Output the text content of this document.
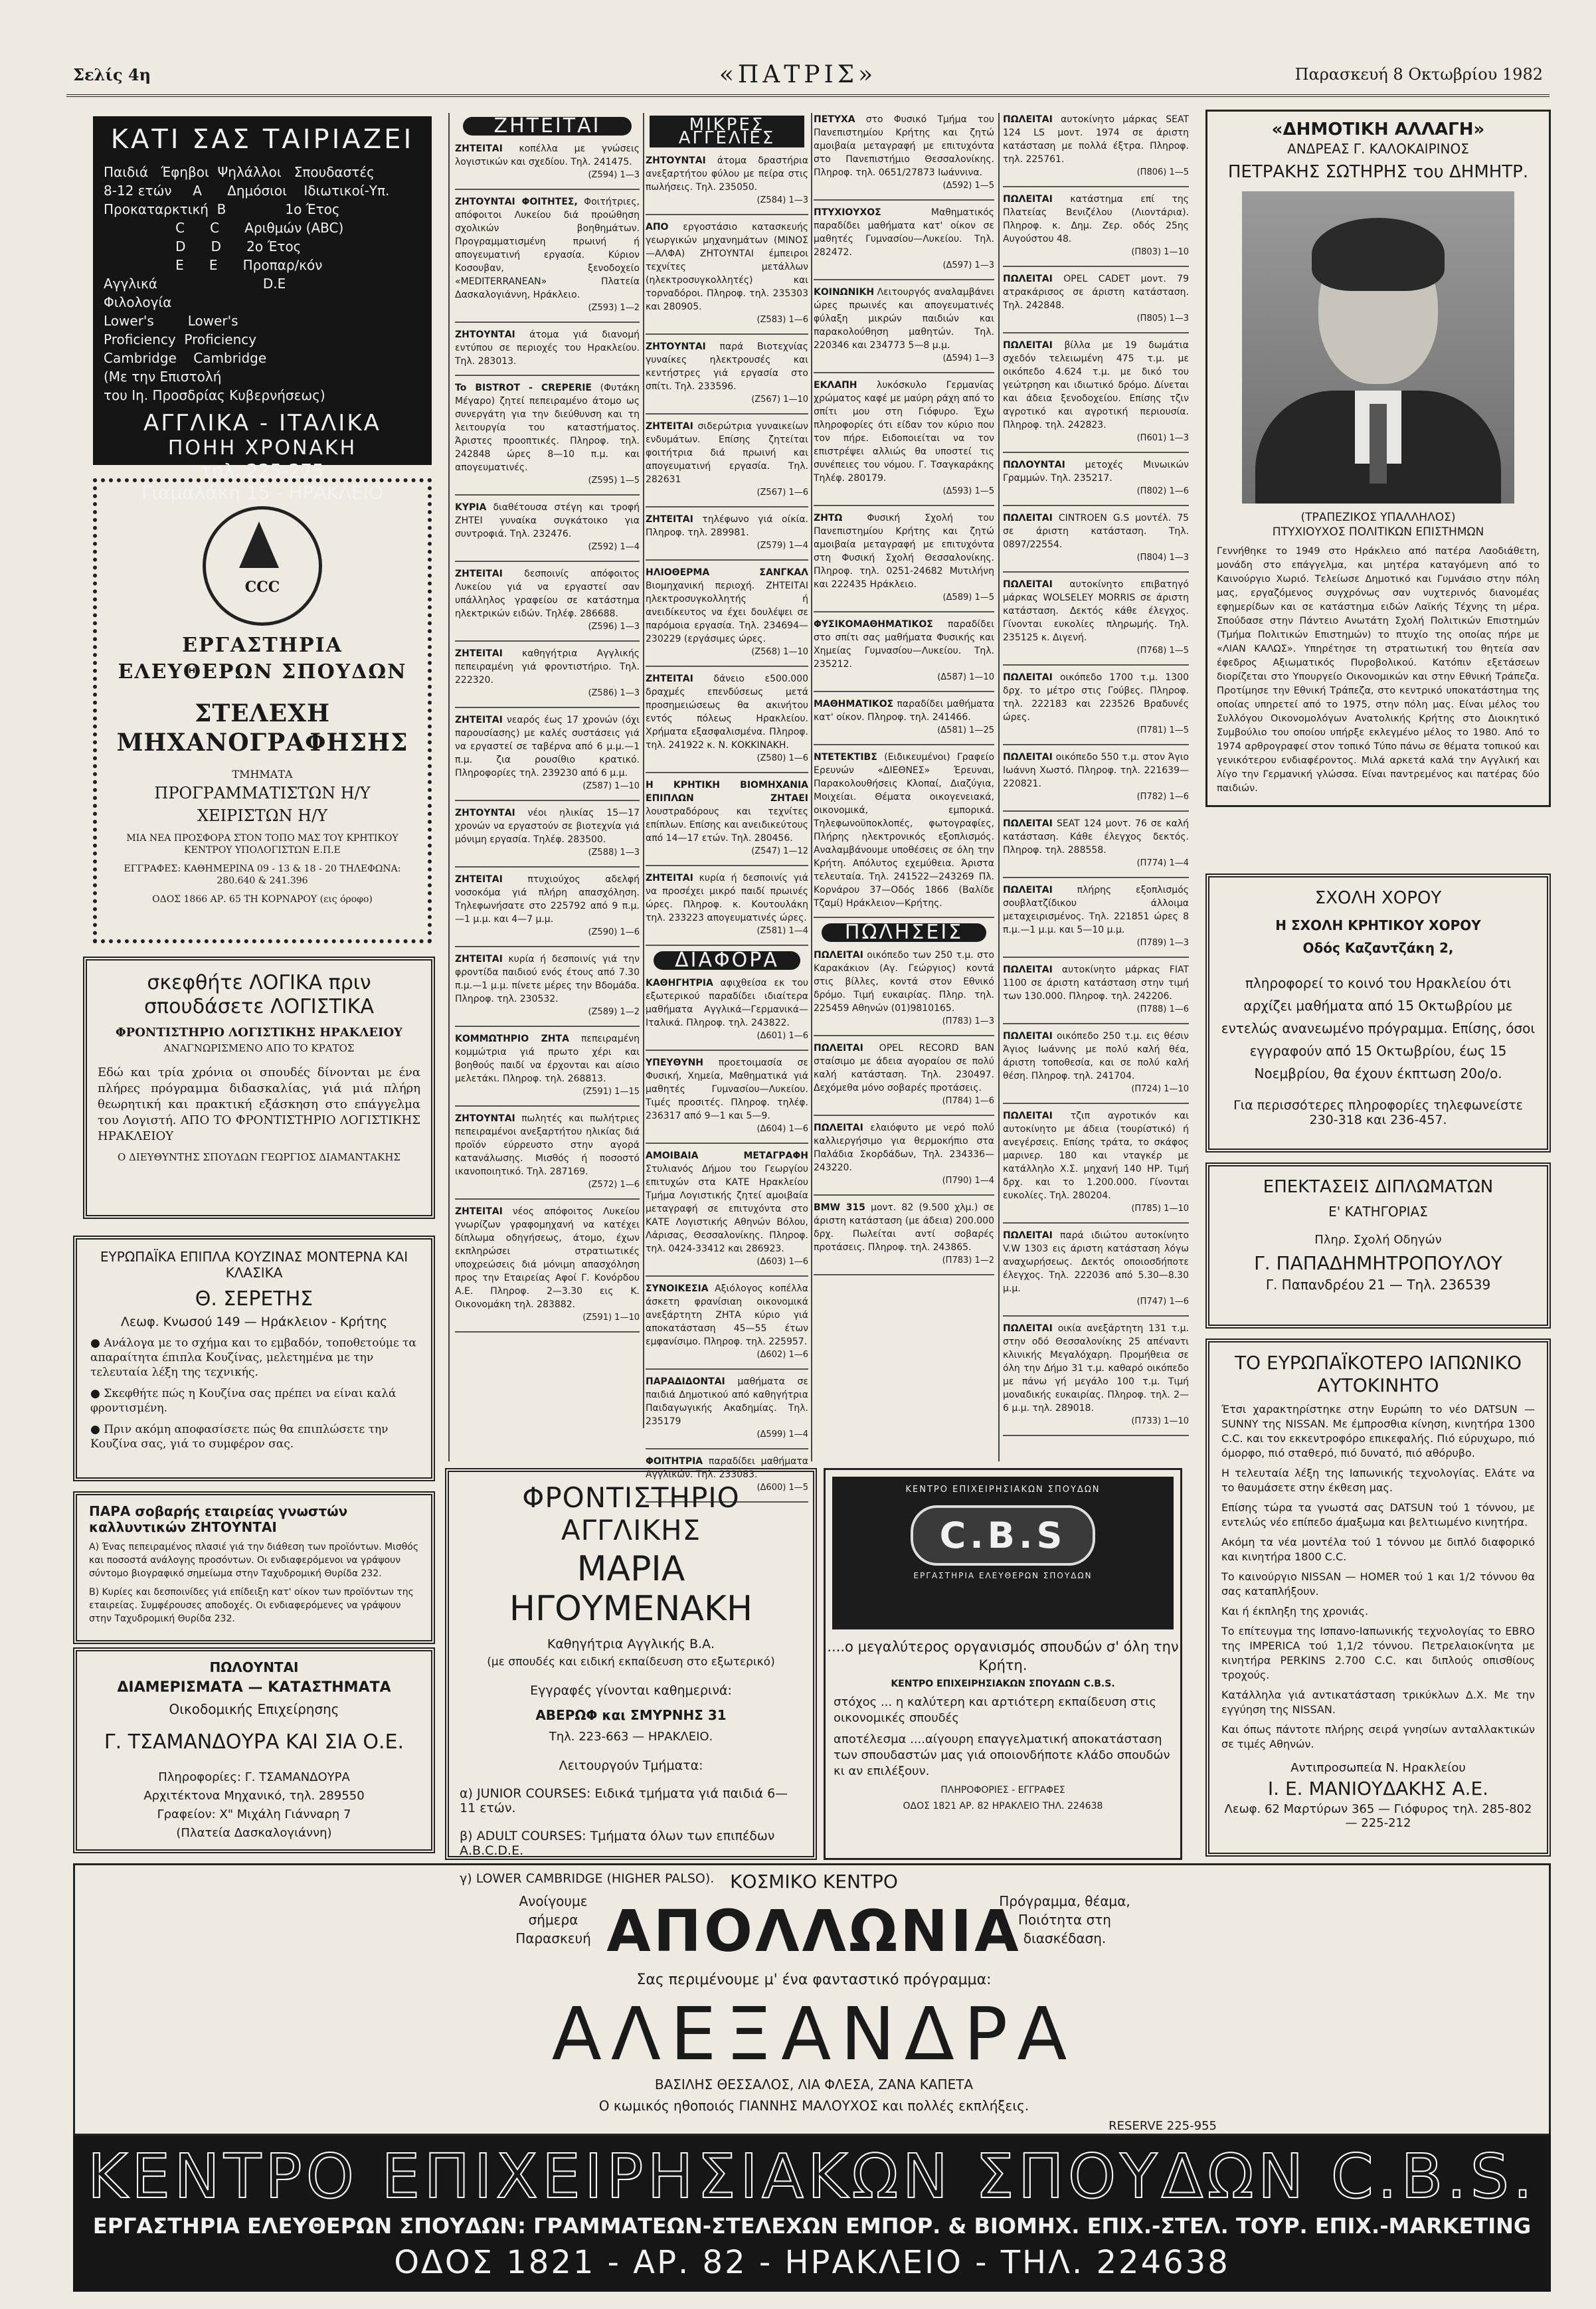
Σελίς 4η	«ΠΑΤΡΙΣ»	Παρασκευή 8 Οκτωβρίου 1982
ΚΑΤΙ ΣΑΣ ΤΑΙΡΙΑΖΕΙ
Παιδιά   Έφηβοι  Ψηλάλλοι   Σπουδαστές
8-12 ετών     Α      Δημόσιοι    Ιδιωτικοί-Υπ.
Προκαταρκτική  Β              1ο Έτος
C      C      Αριθμών (ABC)
D      D      2ο Έτος
E      E      Προπαρ/κόν
Αγγλικά                         D.E
Φιλολογία
Lower's        Lower's
Proficiency  Proficiency
Cambridge    Cambridge
(Με την Επιστολή
του Ιη. Προσδρίας Κυβερνήσεως)
ΑΓΓΛΙΚΑ - ΙΤΑΛΙΚΑ
ΠΟΗΗ ΧΡΟΝΑΚΗ
τηλ. 225-275
Γιαμαλάκη 15 - ΗΡΑΚΛΕΙΟ
CCC
ΕΡΓΑΣΤΗΡΙΑ ΕΛΕΥΘΕΡΩΝ ΣΠΟΥΔΩΝ
ΣΤΕΛΕΧΗ ΜΗΧΑΝΟΓΡΑΦΗΣΗΣ
ΤΜΗΜΑΤΑ
ΠΡΟΓΡΑΜΜΑΤΙΣΤΩΝ Η/Υ
ΧΕΙΡΙΣΤΩΝ Η/Υ
ΜΙΑ ΝΕΑ ΠΡΟΣΦΟΡΑ ΣΤΟΝ ΤΟΠΟ ΜΑΣ ΤΟΥ ΚΡΗΤΙΚΟΥ ΚΕΝΤΡΟΥ ΥΠΟΛΟΓΙΣΤΩΝ Ε.Π.Ε
ΕΓΓΡΑΦΕΣ: ΚΑΘΗΜΕΡΙΝΑ 09 - 13 & 18 - 20 ΤΗΛΕΦΩΝΑ: 280.640 & 241.396
ΟΔΟΣ 1866 ΑΡ. 65 ΤΗ ΚΟΡΝΑΡΟΥ (εις όροφο)
σκεφθήτε ΛΟΓΙΚΑ πριν σπουδάσετε ΛΟΓΙΣΤΙΚΑ
ΦΡΟΝΤΙΣΤΗΡΙΟ ΛΟΓΙΣΤΙΚΗΣ ΗΡΑΚΛΕΙΟΥ
ΑΝΑΓΝΩΡΙΣΜΕΝΟ ΑΠΟ ΤΟ ΚΡΑΤΟΣ
Εδώ και τρία χρόνια οι σπουδές δίνονται με ένα πλήρες πρόγραμμα διδασκαλίας, γιά μιά πλήρη θεωρητική και πρακτική εξάσκηση στο επάγγελμα του Λογιστή. ΑΠΟ ΤΟ ΦΡΟΝΤΙΣΤΗΡΙΟ ΛΟΓΙΣΤΙΚΗΣ ΗΡΑΚΛΕΙΟΥ
Ο ΔΙΕΥΘΥΝΤΗΣ ΣΠΟΥΔΩΝ ΓΕΩΡΓΙΟΣ ΔΙΑΜΑΝΤΑΚΗΣ
ΕΥΡΩΠΑΪΚΑ ΕΠΙΠΛΑ ΚΟΥΖΙΝΑΣ ΜΟΝΤΕΡΝΑ ΚΑΙ ΚΛΑΣΙΚΑ
Θ. ΣΕΡΕΤΗΣ
Λεωφ. Κνωσού 149 — Ηράκλειον - Κρήτης

● Ανάλογα με το σχήμα και το εμβαδόν, τοποθετούμε τα απαραίτητα έπιπλα Κουζίνας, μελετημένα με την τελευταία λέξη της τεχνικής.

● Σκεφθήτε πώς η Κουζίνα σας πρέπει να είναι καλά φροντισμένη.

● Πριν ακόμη αποφασίσετε πώς θα επιπλώσετε την Κουζίνα σας, γιά το συμφέρον σας.

ΠΑΡΑ σοβαρής εταιρείας γνωστών καλλυντικών ΖΗΤΟΥΝΤΑΙ

Α) Ένας πεπειραμένος πλασιέ γιά την διάθεση των προϊόντων. Μισθός και ποσοστά ανάλογης προσόντων. Οι ενδιαφερόμενοι να γράψουν σύντομο βιογραφικό σημείωμα στην Ταχυδρομική Θυρίδα 232.

Β) Κυρίες και δεσποινίδες γιά επίδειξη κατ' οίκον των προϊόντων της εταιρείας. Συμφέρουσες αποδοχές. Οι ενδιαφερόμενες να γράψουν στην Ταχυδρομική Θυρίδα 232.

ΠΩΛΟΥΝΤΑΙ
ΔΙΑΜΕΡΙΣΜΑΤΑ — ΚΑΤΑΣΤΗΜΑΤΑ
Οικοδομικής Επιχείρησης
Γ. ΤΣΑΜΑΝΔΟΥΡΑ ΚΑΙ ΣΙΑ Ο.Ε.
Πληροφορίες: Γ. ΤΣΑΜΑΝΔΟΥΡΑ
Αρχιτέκτονα Μηχανικό, τηλ. 289550
Γραφείον: Χ" Μιχάλη Γιάνναρη 7
(Πλατεία Δασκαλογιάννη)
ΖΗΤΕΙΤΑΙ
ΖΗΤΕΙΤΑΙ κοπέλλα με γνώσεις λογιστικών και σχεδίου. Τηλ. 241475.
(Ζ594) 1—3
ΖΗΤΟΥΝΤΑΙ ΦΟΙΤΗΤΕΣ, Φοιτήτριες, απόφοιτοι Λυκείου διά προώθηση σχολικών βοηθημάτων. Προγραμματισμένη πρωινή ή απογευματινή εργασία. Κύριον Κοσουβαν, ξενοδοχείο «MEDITERRANEAN» Πλατεία Δασκαλογιάννη, Ηράκλειο.
(Ζ593) 1—2
ΖΗΤΟΥΝΤΑΙ άτομα γιά διανομή εντύπου σε περιοχές του Ηρακλείου. Τηλ. 283013.
To BISTROT - CREPERIE (Φυτάκη Μέγαρο) ζητεί πεπειραμένο άτομο ως συνεργάτη για την διεύθυνση και τη λειτουργία του καταστήματος. Άριστες προοπτικές. Πληροφ. τηλ. 242848 ώρες 8—10 π.μ. και απογευματινές.
(Ζ595) 1—5
ΚΥΡΙΑ διαθέτουσα στέγη και τροφή ΖΗΤΕΙ γυναίκα συγκάτοικο για συντροφιά. Τηλ. 232476.
(Ζ592) 1—4
ΖΗΤΕΙΤΑΙ δεσποινίς απόφοιτος Λυκείου γιά να εργαστεί σαν υπάλληλος γραφείου σε κατάστημα ηλεκτρικών ειδών. Τηλέφ. 286688.
(Ζ596) 1—3
ΖΗΤΕΙΤΑΙ καθηγήτρια Αγγλικής πεπειραμένη γιά φροντιστήριο. Τηλ. 222320.
(Ζ586) 1—3
ΖΗΤΕΙΤΑΙ νεαρός έως 17 χρονών (όχι παρουσίασης) με καλές συστάσεις γιά να εργαστεί σε ταβέρνα από 6 μ.μ.—1 π.μ. ζια ρουσίθιο κρατικό. Πληροφορίες τηλ. 239230 από 6 μ.μ.
(Ζ587) 1—10
ΖΗΤΟΥΝΤΑΙ νέοι ηλικίας 15—17 χρονών να εργαστούν σε βιοτεχνία γιά μόνιμη εργασία. Τηλέφ. 283500.
(Ζ588) 1—3
ΖΗΤΕΙΤΑΙ	πτυχιούχος αδελφή νοσοκόμα γιά πλήρη απασχόληση. Τηλεφωνήσατε στο 225792 από 9 π.μ.—1 μ.μ. και 4—7 μ.μ.
(Ζ590) 1—6
ΖΗΤΕΙΤΑΙ κυρία ή δεσποινίς γιά την φροντίδα παιδιού ενός έτους από 7.30 π.μ.—1 μ.μ. πίνετε μέρες την Βδομάδα. Πληροφ. τηλ. 230532.
(Ζ589) 1—2
ΚΟΜΜΩΤΗΡΙΟ ΖΗΤΑ πεπειραμένη κομμώτρια γιά πρωτο χέρι και βοηθούς παιδί να έρχονται και αίσιο μελετάκι. Πληροφ. τηλ. 268813.
(Ζ591) 1—15
ΖΗΤΟΥΝΤΑΙ πωλητές και πωλήτριες πεπειραμένοι ανεξαρτήτου ηλικίας διά προϊόν εύρρευστο στην αγορά κατανάλωσης. Μισθός ή ποσοστό ικανοποιητικό. Τηλ. 287169.
(Ζ572) 1—6
ΖΗΤΕΙΤΑΙ νέος απόφοιτος Λυκείου γνωρίζων γραφομηχανή να κατέχει δίπλωμα οδηγήσεως, άτομο, έχων εκπληρώσει στρατιωτικές υποχρεώσεις διά μόνιμη απασχόληση προς την Εταιρείας Αφοί Γ. Κονόρδου Α.Ε. Πληροφ. 2—3.30 εις Κ. Οικονομάκη τηλ. 283882.
(Ζ591) 1—10
ΜΙΚΡΕΣ ΑΓΓΕΛΙΕΣ
ΖΗΤΟΥΝΤΑΙ άτομα δραστήρια ανεξαρτήτου φύλου με πείρα στις πωλήσεις. Τηλ. 235050.
(Ζ584) 1—3
ΑΠΟ εργοστάσιο κατασκευής γεωργικών μηχανημάτων (ΜΙΝΟΣ—ΑΛΦΑ) ΖΗΤΟΥΝΤΑΙ έμπειροι τεχνίτες μετάλλων (ηλεκτροσυγκολλητές) και τορναδόροι. Πληροφ. τηλ. 235303 και 280905.
(Ζ583) 1—6
ΖΗΤΟΥΝΤΑΙ παρά Βιοτεχνίας γυναίκες ηλεκτρουσές και κεντήστρες γιά εργασία στο σπίτι. Τηλ. 233596.
(Ζ567) 1—10
ΖΗΤΕΙΤΑΙ σιδερώτρια γυναικείων ενδυμάτων. Επίσης ζητείται φοιτήτρια διά πρωινή και απογευματινή εργασία. Τηλ. 282631
(Ζ567) 1—6
ΖΗΤΕΙΤΑΙ τηλέφωνο γιά οίκία. Πληροφ. τηλ. 289981.
(Ζ579) 1—4
ΗΛΙΟΘΕΡΜΑ ΣΑΝΓΚΑΛ Βιομηχανική περιοχή. ΖΗΤΕΙΤΑΙ ηλεκτροσυγκολλητής ή ανειδίκευτος να έχει δουλέψει σε παρόμοια εργασία. Τηλ. 234694—230229 (εργάσιμες ώρες.
(Ζ568) 1—10
ΖΗΤΕΙΤΑΙ δάνειο ε500.000 δραχμές επενδύσεως μετά προσημειώσεως θα ακινήτου εντός πόλεως Ηρακλείου. Χρήματα εξασφαλισμένα. Πληροφ. τηλ. 241922 κ. Ν. ΚΟΚΚΙΝΑΚΗ.
(Ζ580) 1—6
Η ΚΡΗΤΙΚΗ ΒΙΟΜΗΧΑΝΙΑ ΕΠΙΠΛΩΝ ΖΗΤΑΕΙ λουστραδόρους και τεχνίτες επίπλων. Επίσης και ανειδικεύτους από 14—17 ετών. Τηλ. 280456.
(Ζ547) 1—12
ΖΗΤΕΙΤΑΙ κυρία ή δεσποινίς γιά να προσέχει μικρό παιδί πρωινές ώρες. Πληροφ. κ. Κουτουλάκη τηλ. 233223 απογευματινές ώρες.
(Ζ581) 1—4
ΔΙΑΦΟΡΑ
ΚΑΘΗΓΗΤΡΙΑ αφιχθείσα εκ του εξωτερικού παραδίδει ιδιαίτερα μαθήματα Αγγλικά—Γερμανικά—Ιταλικά. Πληροφ. τηλ. 243822.
(Δ601) 1—6
ΥΠΕΥΘΥΝΗ προετοιμασία σε Φυσική, Χημεία, Μαθηματικά γιά μαθητές Γυμνασίου—Λυκείου. Τιμές προσιτές. Πληροφ. τηλέφ. 236317 από 9—1 και 5—9.
(Δ604) 1—6
ΑΜΟΙΒΑΙΑ ΜΕΤΑΓΡΑΦΗ Στυλιανός Δήμου του Γεωργίου επιτυχών στα ΚΑΤΕ Ηρακλείου Τμήμα Λογιστικής ζητεί αμοιβαία μεταγραφή σε επιτυχόντα στο ΚΑΤΕ Λογιστικής Αθηνών Βόλου, Λάρισας, Θεσσαλονίκης. Πληροφ. τηλ. 0424-33412 και 286923.
(Δ603) 1—6
ΣΥΝΟΙΚΕΣΙΑ Αξιόλογος κοπέλλα άσκετη φρανίσιαη οικονομικά ανεξάρτητη ΖΗΤΑ κύριο γιά αποκατάσταση 45—55 έτων εμφανίσιμο. Πληροφ. τηλ. 225957.
(Δ602) 1—6
ΠΑΡΑΔΙΔΟΝΤΑΙ μαθήματα σε παιδιά Δημοτικού από καθηγήτρια Παιδαγωγικής Ακαδημίας. Τηλ. 235179
(Δ599) 1—4
ΦΟΙΤΗΤΡΙΑ παραδίδει μαθήματα Αγγλικών. Τηλ. 233083.
(Δ600) 1—5
ΠΕΤΥΧΑ στο Φυσικό Τμήμα του Πανεπιστημίου Κρήτης και ζητώ αμοιβαία μεταγραφή με επιτυχόντα στο Πανεπιστήμιο Θεσσαλονίκης. Πληροφ. τηλ. 0651/27873 Ιωάννινα.
(Δ592) 1—5
ΠΤΥΧΙΟΥΧΟΣ	Μαθηματικός παραδίδει μαθήματα κατ' οίκον σε μαθητές Γυμνασίου—Λυκείου. Τηλ. 282472.
(Δ597) 1—3
ΚΟΙΝΩΝΙΚΗ Λειτουργός αναλαμβάνει ώρες πρωινές και απογευματινές φύλαξη μικρών παιδιών και παρακολούθηση μαθητών. Τηλ. 220346 και 234773 5—8 μ.μ.
(Δ594) 1—3
ΕΚΛΑΠΗ λυκόσκυλο Γερμανίας χρώματος καφέ με μαύρη ράχη από το σπίτι μου στη Γιόφυρο. Έχω πληροφορίες ότι είδαν τον κύριο που τον πήρε. Ειδοποιείται να τον επιστρέψει αλλιώς θα υποστεί τις συνέπειες του νόμου. Γ. Τσαγκαράκης Τηλέφ. 280179.
(Δ593) 1—5
ΖΗΤΩ	Φυσική Σχολή του Πανεπιστημίου Κρήτης και ζητώ αμοιβαία μεταγραφή με επιτυχόντα στη Φυσική Σχολή Θεσσαλονίκης. Πληροφ. τηλ. 0251-24682 Μυτιλήνη και 222435 Ηράκλειο.
(Δ589) 1—5
ΦΥΣΙΚΟΜΑΘΗΜΑΤΙΚΟΣ παραδίδει στο σπίτι σας μαθήματα Φυσικής και Χημείας Γυμνασίου—Λυκείου. Τηλ. 235212.
(Δ587) 1—10
ΜΑΘΗΜΑΤΙΚΟΣ παραδίδει μαθήματα κατ' οίκον. Πληροφ. τηλ. 241466.
(Δ581) 1—25
ΝΤΕΤΕΚΤΙΒΣ (Ειδικευμένοι) Γραφείο Ερευνών «ΔΙΕΘΝΕΣ» Έρευναι, Παρακολουθήσεις Κλοπαί, Διαζύγια, Μοιχείαι. Θέματα οικογενειακά, οικονομικά, εμπορικά. Τηλεφωνοϋποκλοπές, φωτογραφίες, Πλήρης ηλεκτρονικός εξοπλισμός. Αναλαμβάνουμε υποθέσεις σε όλη την Κρήτη. Απόλυτος εχεμύθεια. Άριστα τελευταία. Τηλ. 241522—243269 Πλ. Κορνάρου 37—Οδός 1866 (Βαλίδε Τζαμί) Ηράκλειον—Κρήτης.
ΠΩΛΗΣΕΙΣ
ΠΩΛΕΙΤΑΙ οικόπεδο των 250 τ.μ. στο Καρακάκιον (Αγ. Γεώργιος) κοντά στις βίλλες, κοντά στον Εθνικό δρόμο. Τιμή ευκαιρίας. Πληρ. τηλ. 225459 Αθηνών (01)9810165.
(Π783) 1—3
ΠΩΛΕΙΤΑΙ OPEL RECORD BAN σταίσιμο με άδεια αγοραίου σε πολύ καλή κατάσταση. Τηλ. 230497. Δεχόμεθα μόνο σοβαρές προτάσεις.
(Π784) 1—6
ΠΩΛΕΙΤΑΙ ελαιόφυτο με νερό πολύ καλλιεργήσιμο για θερμοκήπιο στα Παλάδια Σκορδάδων, Τηλ. 234336—243220.
(Π790) 1—4
BMW 315 μοντ. 82 (9.500 χλμ.) σε άριστη κατάσταση (με άδεια) 200.000 δρχ. Πωλείται αντί σοβαρές προτάσεις. Πληροφ. τηλ. 243865.
(Π783) 1—2
ΠΩΛΕΙΤΑΙ αυτοκίνητο μάρκας SEAT 124 LS μοντ. 1974 σε άριστη κατάσταση με πολλά έξτρα. Πληροφ. τηλ. 225761.
(Π806) 1—5
ΠΩΛΕΙΤΑΙ κατάστημα επί της Πλατείας Βενιζέλου (Λιοντάρια). Πληροφ. κ. Δημ. Ζερ. οδός 25ης Αυγούστου 48.
(Π803) 1—10
ΠΩΛΕΙΤΑΙ OPEL CADET μοντ. 79 ατρακάρισος σε άριστη κατάσταση. Τηλ. 242848.
(Π805) 1—3
ΠΩΛΕΙΤΑΙ βίλλα με 19 δωμάτια σχεδόν τελειωμένη 475 τ.μ. με οικόπεδο 4.624 τ.μ. με δικό του γεώτρηση και ιδιωτικό δρόμο. Δίνεται και άδεια ξενοδοχείου. Επίσης τζιν αγροτικό και αγροτική περιουσία. Πληροφ. τηλ. 242823.
(Π601) 1—3
ΠΩΛΟΥΝΤΑΙ μετοχές Μινωικών Γραμμών. Τηλ. 235217.
(Π802) 1—6
ΠΩΛΕΙΤΑΙ CINTROEN G.S μοντέλ. 75 σε άριστη κατάσταση. Τηλ. 0897/22554.
(Π804) 1—3
ΠΩΛΕΙΤΑΙ αυτοκίνητο επιβατηγό μάρκας WOLSELEY MORRIS σε άριστη κατάσταση. Δεκτός κάθε έλεγχος. Γίνονται ευκολίες πληρωμής. Τηλ. 235125 κ. Διγενή.
(Π768) 1—5
ΠΩΛΕΙΤΑΙ οικόπεδο 1700 τ.μ. 1300 δρχ. το μέτρο στις Γούβες. Πληροφ. τηλ. 222183 και 223526 Βραδυνές ώρες.
(Π781) 1—5
ΠΩΛΕΙΤΑΙ οικόπεδο 550 τ.μ. στον Άγιο Ιωάννη Χωστό. Πληροφ. τηλ. 221639—220821.
(Π782) 1—6
ΠΩΛΕΙΤΑΙ SEAT 124 μοντ. 76 σε καλή κατάσταση. Κάθε έλεγχος δεκτός. Πληροφ. τηλ. 288558.
(Π774) 1—4
ΠΩΛΕΙΤΑΙ	πλήρης εξοπλισμός σουβλατζίδικου άλλοιμα μεταχειρισμένος. Τηλ. 221851 ώρες 8 π.μ.—1 μ.μ. και 5—10 μ.μ.
(Π789) 1—3
ΠΩΛΕΙΤΑΙ αυτοκίνητο μάρκας FIAT 1100 σε άριστη κατάσταση στην τιμή των 130.000. Πληροφ. τηλ. 242206.
(Π788) 1—6
ΠΩΛΕΙΤΑΙ οικόπεδο 250 τ.μ. εις θέσιν Άγιος Ιωάννης με πολύ καλή θέα, άριστη τοποθεσία, και σε πολύ καλή θέση. Πληροφ. τηλ. 241704.
(Π724) 1—10
ΠΩΛΕΙΤΑΙ τζιπ αγροτικόν και αυτοκίνητο με άδεια (τουρίστικό) ή ανεγέρσεις. Επίσης τράτα, το σκάφος μαρινερ. 180 και νταγκέρ με κατάλληλο Χ.Σ. μηχανή 140 ΗΡ. Τιμή δρχ. και το 1.200.000. Γίνονται ευκολίες. Τηλ. 280204.
(Π785) 1—10
ΠΩΛΕΙΤΑΙ παρά ιδιώτου αυτοκίνητο V.W 1303 εις άριστη κατάσταση λόγω αναχωρήσεως. Δεκτός οποιοσδήποτε έλεγχος. Τηλ. 222036 από 5.30—8.30 μ.μ.
(Π747) 1—6
ΠΩΛΕΙΤΑΙ οικία ανεξάρτητη 131 τ.μ. στην οδό Θεσσαλονίκης 25 απέναντι κλινικής Μεγαλόχαρη. Προμήθεια σε όλη την Δήμο 31 τ.μ. καθαρό οικόπεδο με πάνω γή μεγάλο 100 τ.μ. Τιμή μοναδικής ευκαιρίας. Πληροφ. τηλ. 2—6 μ.μ. τηλ. 289018.
(Π733) 1—10
«ΔΗΜΟΤΙΚΗ ΑΛΛΑΓΗ»
ΑΝΔΡΕΑΣ Γ. ΚΑΛΟΚΑΙΡΙΝΟΣ
ΠΕΤΡΑΚΗΣ ΣΩΤΗΡΗΣ του ΔΗΜΗΤΡ.
(ΤΡΑΠΕΖΙΚΟΣ ΥΠΑΛΛΗΛΟΣ)
ΠΤΥΧΙΟΥΧΟΣ ΠΟΛΙΤΙΚΩΝ ΕΠΙΣΤΗΜΩΝ
Γεννήθηκε το 1949 στο Ηράκλειο από πατέρα Λαοδιάθετη, μονάδη στο επάγγελμα, και μητέρα καταγόμενη από το Καινούργιο Χωριό. Τελείωσε Δημοτικό και Γυμνάσιο στην πόλη μας, εργαζόμενος συγχρόνως σαν νυχτερινός διανομέας εφημερίδων και σε κατάστημα ειδών Λαϊκής Τέχνης τη μέρα. Σπούδασε στην Πάντειο Ανωτάτη Σχολή Πολιτικών Επιστημών (Τμήμα Πολιτικών Επιστημών) το πτυχίο της οποίας πήρε με «ΛΙΑΝ ΚΑΛΩΣ». Υπηρέτησε τη στρατιωτική του θητεία σαν έφεδρος Αξιωματικός Πυροβολικού. Κατόπιν εξετάσεων διορίζεται στο Υπουργείο Οικονομικών και στην Εθνική Τράπεζα. Προτίμησε την Εθνική Τράπεζα, στο κεντρικό υποκατάστημα της οποίας υπηρετεί από το 1975, στην πόλη μας. Είναι μέλος του Συλλόγου Οικονομολόγων Ανατολικής Κρήτης στο Διοικητικό Συμβούλιο του οποίου υπήρξε εκλεγμένο μέλος το 1980. Από το 1974 αρθρογραφεί στον τοπικό Τύπο πάνω σε θέματα τοπικού και γενικότερου ενδιαφέροντος. Μιλά αρκετά καλά την Αγγλική και λίγο την Γερμανική γλώσσα. Είναι παντρεμένος και πατέρας δύο παιδιών.
ΣΧΟΛΗ ΧΟΡΟΥ
Η ΣΧΟΛΗ ΚΡΗΤΙΚΟΥ ΧΟΡΟΥ
Οδός Καζαντζάκη 2,
πληροφορεί το κοινό του Ηρακλείου ότι αρχίζει μαθήματα από 15 Οκτωβρίου με εντελώς ανανεωμένο πρόγραμμα. Επίσης, όσοι εγγραφούν από 15 Οκτωβρίου, έως 15 Νοεμβρίου, θα έχουν έκπτωση 20ο/ο.
Για περισσότερες πληροφορίες τηλεφωνείστε 230-318 και 236-457.
ΕΠΕΚΤΑΣΕΙΣ ΔΙΠΛΩΜΑΤΩΝ
Ε' ΚΑΤΗΓΟΡΙΑΣ
Πληρ. Σχολή Οδηγών
Γ. ΠΑΠΑΔΗΜΗΤΡΟΠΟΥΛΟΥ
Γ. Παπανδρέου 21 — Τηλ. 236539
ΤΟ ΕΥΡΩΠΑΪΚΟΤΕΡΟ ΙΑΠΩΝΙΚΟ ΑΥΤΟΚΙΝΗΤΟ

Έτσι χαρακτηρίστηκε στην Ευρώπη το νέο DATSUN — SUNNY της NISSAN. Με έμπροσθια κίνηση, κινητήρα 1300 C.C. και τον εκκεντροφόρο επικεφαλής. Πιό εύρυχωρο, πιό όμορφο, πιό σταθερό, πιό δυνατό, πιό αθόρυβο.

Η τελευταία λέξη της Ιαπωνικής τεχνολογίας. Ελάτε να το θαυμάσετε στην έκθεση μας.

Επίσης τώρα τα γνωστά σας DATSUN τού 1 τόννου, με εντελώς νέο επίπεδο άμαξωμα και βελτιωμένο κινητήρα.

Ακόμη τα νέα μοντέλα τού 1 τόννου με διπλό διαφορικό και κινητήρα 1800 C.C.

Το καινούργιο NISSAN — HOMER τού 1 και 1/2 τόννου θα σας καταπλήξουν.

Και ή έκπληξη της χρονιάς.

Το επίτευγμα της Ισπανο-Ιαπωνικής τεχνολογίας το EBRO της IMPERICA τού 1,1/2 τόννου. Πετρελαιοκίνητα με κινητήρα PERKINS 2.700 C.C. και διπλούς οπισθίους τροχούς.

Κατάλληλα γιά αντικατάσταση τρικύκλων Δ.Χ. Με την εγγύηση της NISSAN.

Και όπως πάντοτε πλήρης σειρά γνησίων ανταλλακτικών σε τιμές Αθηνών.

Αντιπροσωπεία Ν. Ηρακλείου
Ι. Ε. ΜΑΝΙΟΥΔΑΚΗΣ Α.Ε.
Λεωφ. 62 Μαρτύρων 365 — Γιόφυρος τηλ. 285-802 — 225-212
ΦΡΟΝΤΙΣΤΗΡΙΟ ΑΓΓΛΙΚΗΣ
ΜΑΡΙΑ ΗΓΟΥΜΕΝΑΚΗ
Καθηγήτρια Αγγλικής Β.Α.
(με σπουδές και ειδική εκπαίδευση στο εξωτερικό)
Εγγραφές γίνονται καθημερινά:
ΑΒΕΡΩΦ και ΣΜΥΡΝΗΣ 31
Τηλ. 223-663 — ΗΡΑΚΛΕΙΟ.
Λειτουργούν Τμήματα:
α) JUNIOR COURSES: Ειδικά τμήματα γιά παιδιά 6—11 ετών.
β) ADULT COURSES: Τμήματα όλων των επιπέδων Α.Β.C.D.E.
γ) LOWER CAMBRIDGE (HIGHER PALSO).
ΚΕΝΤΡΟ ΕΠΙΧΕΙΡΗΣΙΑΚΩΝ ΣΠΟΥΔΩΝ
C.B.S
ΕΡΓΑΣΤΗΡΙΑ ΕΛΕΥΘΕΡΩΝ ΣΠΟΥΔΩΝ
....ο μεγαλύτερος οργανισμός σπουδών σ' όλη την Κρήτη.
ΚΕΝΤΡΟ ΕΠΙΧΕΙΡΗΣΙΑΚΩΝ ΣΠΟΥΔΩΝ C.B.S.
στόχος ... η καλύτερη και αρτιότερη εκπαίδευση στις οικονομικές σπουδές
αποτέλεσμα ....αίγουρη επαγγελματική αποκατάσταση των σπουδαστών μας γιά οποιονδήποτε κλάδο σπουδών κι αν επιλέξουν.
ΠΛΗΡΟΦΟΡΙΕΣ - ΕΓΓΡΑΦΕΣ
ΟΔΟΣ 1821 ΑΡ. 82 ΗΡΑΚΛΕΙΟ ΤΗΛ. 224638
Ανοίγουμε σήμερα Παρασκευή
Πρόγραμμα, θέαμα, Ποιότητα στη διασκέδαση.
ΚΟΣΜΙΚΟ ΚΕΝΤΡΟ
ΑΠΟΛΛΩΝΙΑ
Σας περιμένουμε μ' ένα φανταστικό πρόγραμμα:
ΑΛΕΞΑΝΔΡΑ
ΒΑΣΙΛΗΣ ΘΕΣΣΑΛΟΣ, ΛΙΑ ΦΛΕΣΑ, ΖΑΝΑ ΚΑΠΕΤΑ
Ο κωμικός ηθοποιός ΓΙΑΝΝΗΣ ΜΑΛΟΥΧΟΣ και πολλές εκπλήξεις.
RESERVE 225-955
ΚΕΝΤΡΟ ΕΠΙΧΕΙΡΗΣΙΑΚΩΝ ΣΠΟΥΔΩΝ C.B.S.
ΕΡΓΑΣΤΗΡΙΑ ΕΛΕΥΘΕΡΩΝ ΣΠΟΥΔΩΝ: ΓΡΑΜΜΑΤΕΩΝ-ΣΤΕΛΕΧΩΝ ΕΜΠΟΡ. & ΒΙΟΜΗΧ. ΕΠΙΧ.-ΣΤΕΛ. ΤΟΥΡ. ΕΠΙΧ.-MARKETING
ΟΔΟΣ 1821 - ΑΡ. 82 - ΗΡΑΚΛΕΙΟ - ΤΗΛ. 224638
